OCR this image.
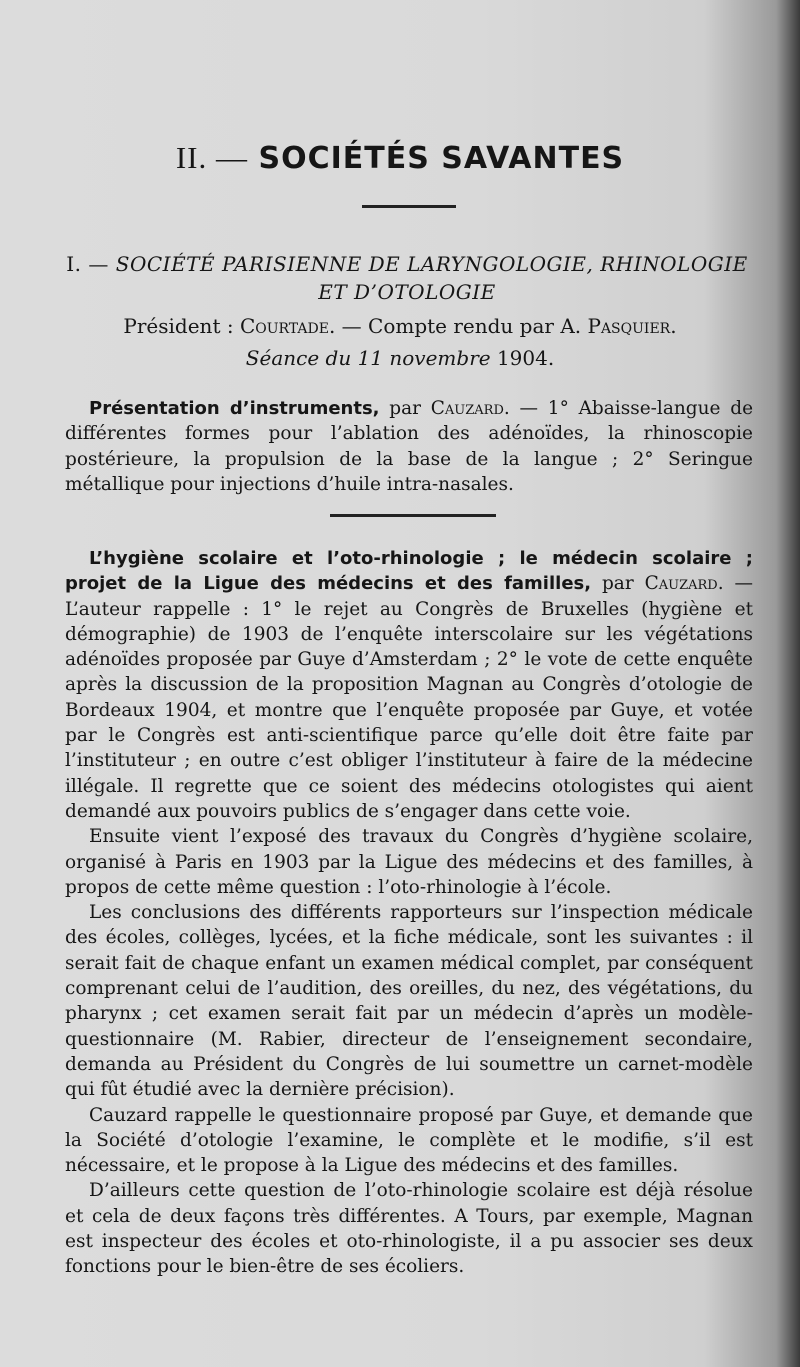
II. — SOCIÉTÉS SAVANTES
I. — SOCIÉTÉ PARISIENNE DE LARYNGOLOGIE, RHINOLOGIE
ET D’OTOLOGIE
Président : Courtade. — Compte rendu par A. Pasquier.
Séance du 11 novembre 1904.
Présentation d’instruments, par Cauzard. — 1° Abaisse-langue de différentes formes pour l’ablation des adénoïdes, la rhinoscopie postérieure, la propulsion de la base de la langue ; 2° Seringue métallique pour injections d’huile intra-nasales.

L’hygiène scolaire et l’oto-rhinologie ; le médecin scolaire ; projet de la Ligue des médecins et des familles, par Cauzard. — L’auteur rappelle : 1° le rejet au Congrès de Bruxelles (hygiène et démographie) de 1903 de l’enquête interscolaire sur les végétations adénoïdes proposée par Guye d’Amsterdam ; 2° le vote de cette enquête après la discussion de la proposition Magnan au Congrès d’otologie de Bordeaux 1904, et montre que l’enquête proposée par Guye, et votée par le Congrès est anti-scientifique parce qu’elle doit être faite par l’instituteur ; en outre c’est obliger l’instituteur à faire de la médecine illégale. Il regrette que ce soient des médecins otologistes qui aient demandé aux pouvoirs publics de s’engager dans cette voie.

Ensuite vient l’exposé des travaux du Congrès d’hygiène scolaire, organisé à Paris en 1903 par la Ligue des médecins et des familles, à propos de cette même question : l’oto-rhinologie à l’école.

Les conclusions des différents rapporteurs sur l’inspection médicale des écoles, collèges, lycées, et la fiche médicale, sont les suivantes : il serait fait de chaque enfant un examen médical complet, par conséquent comprenant celui de l’audition, des oreilles, du nez, des végétations, du pharynx ; cet examen serait fait par un médecin d’après un modèle-questionnaire (M. Rabier, directeur de l’enseignement secondaire, demanda au Président du Congrès de lui soumettre un carnet-modèle qui fût étudié avec la dernière précision).

Cauzard rappelle le questionnaire proposé par Guye, et demande que la Société d’otologie l’examine, le complète et le modifie, s’il est nécessaire, et le propose à la Ligue des médecins et des familles.

D’ailleurs cette question de l’oto-rhinologie scolaire est déjà résolue et cela de deux façons très différentes. A Tours, par exemple, Magnan est inspecteur des écoles et oto-rhinologiste, il a pu associer ses deux fonctions pour le bien-être de ses écoliers.
